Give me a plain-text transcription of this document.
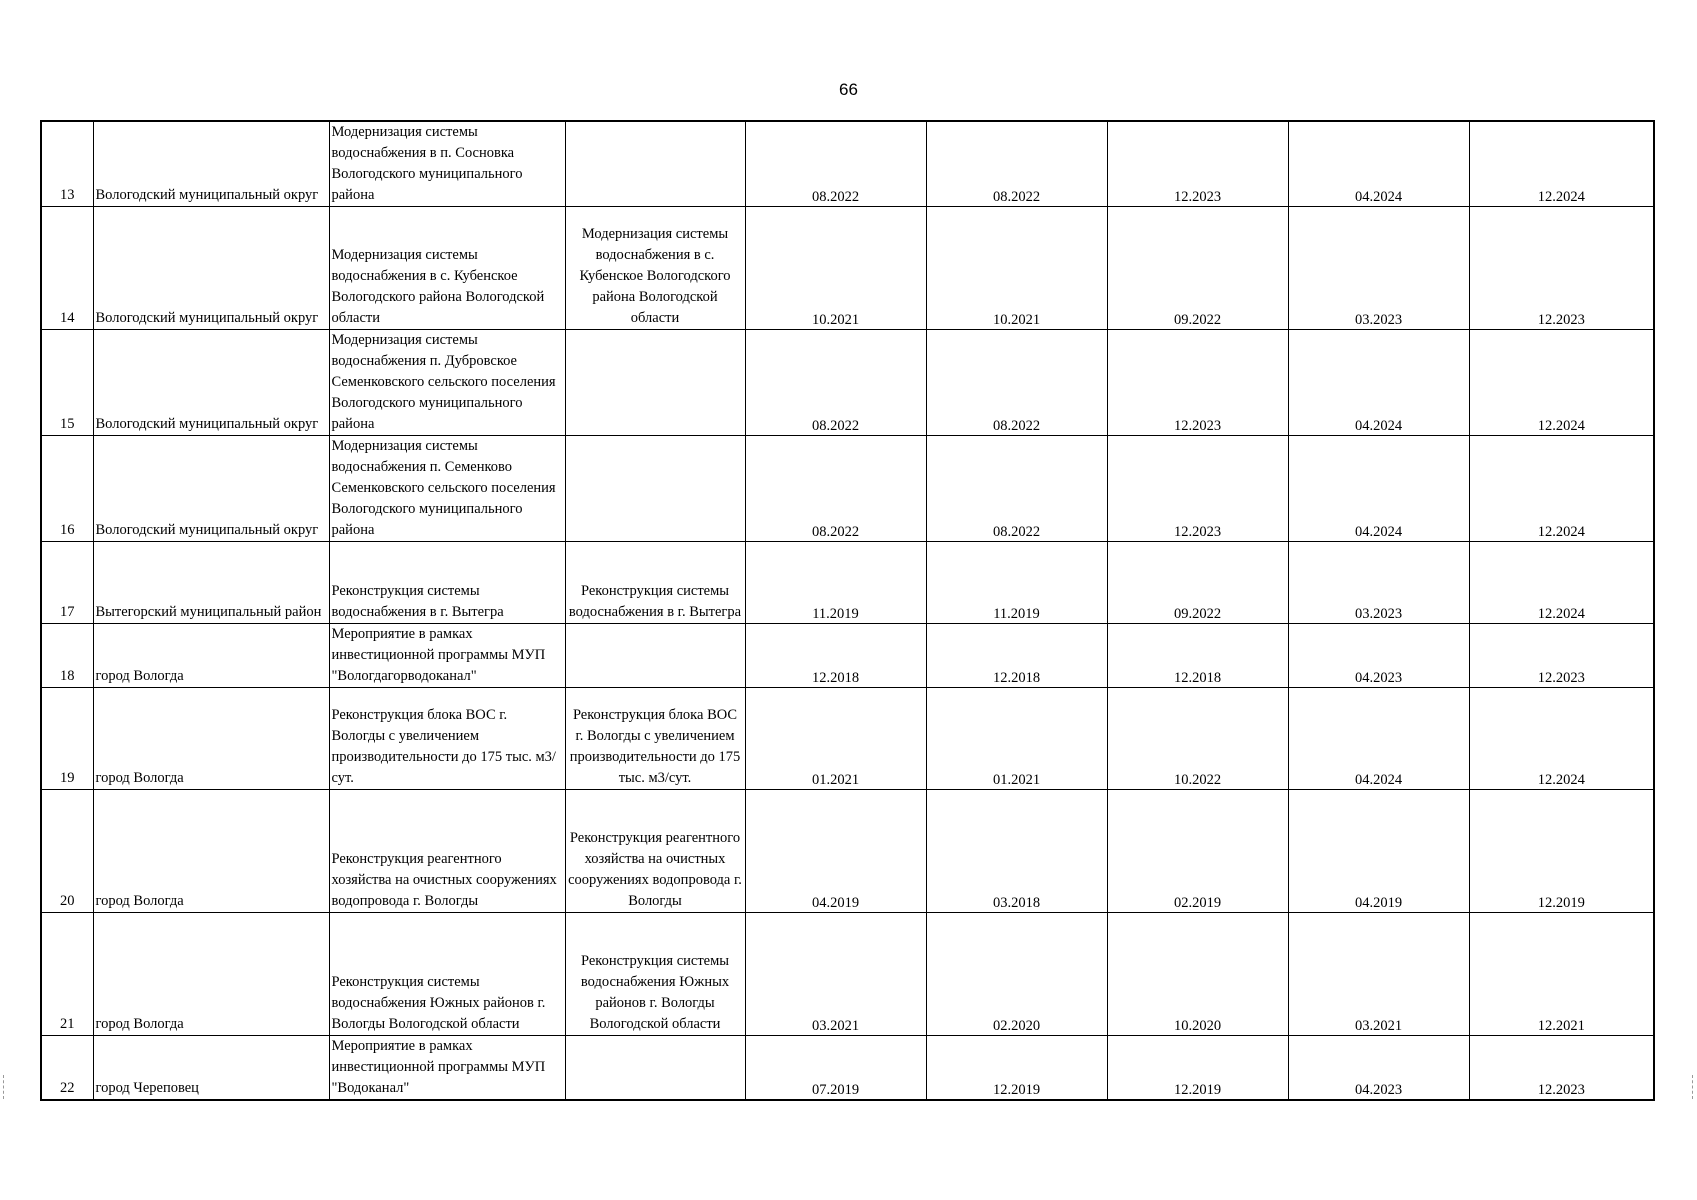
66
13	Вологодский муниципальный округ	Модернизация системы водоснабжения в п. Сосновка Вологодского муниципального района		08.2022	08.2022	12.2023	04.2024	12.2024
14	Вологодский муниципальный округ	Модернизация системы водоснабжения в с. Кубенское Вологодского района Вологодской области	Модернизация системы водоснабжения в с. Кубенское Вологодского района Вологодской области	10.2021	10.2021	09.2022	03.2023	12.2023
15	Вологодский муниципальный округ	Модернизация системы водоснабжения п. Дубровское Семенковского сельского поселения Вологодского муниципального района		08.2022	08.2022	12.2023	04.2024	12.2024
16	Вологодский муниципальный округ	Модернизация системы водоснабжения п. Семенково Семенковского сельского поселения Вологодского муниципального района		08.2022	08.2022	12.2023	04.2024	12.2024
17	Вытегорский муниципальный район	Реконструкция системы водоснабжения в г. Вытегра	Реконструкция системы водоснабжения в г. Вытегра	11.2019	11.2019	09.2022	03.2023	12.2024
18	город Вологда	Мероприятие в рамках инвестиционной программы МУП "Вологдагорводоканал"		12.2018	12.2018	12.2018	04.2023	12.2023
19	город Вологда	Реконструкция блока ВОС г. Вологды с увеличением производительности до 175 тыс. м3/сут.	Реконструкция блока ВОС г. Вологды с увеличением производительности до 175 тыс. м3/сут.	01.2021	01.2021	10.2022	04.2024	12.2024
20	город Вологда	Реконструкция реагентного хозяйства на очистных сооружениях водопровода г. Вологды	Реконструкция реагентного хозяйства на очистных сооружениях водопровода г. Вологды	04.2019	03.2018	02.2019	04.2019	12.2019
21	город Вологда	Реконструкция системы водоснабжения Южных районов г. Вологды Вологодской области	Реконструкция системы водоснабжения Южных районов г. Вологды Вологодской области	03.2021	02.2020	10.2020	03.2021	12.2021
22	город Череповец	Мероприятие в рамках инвестиционной программы МУП "Водоканал"		07.2019	12.2019	12.2019	04.2023	12.2023
